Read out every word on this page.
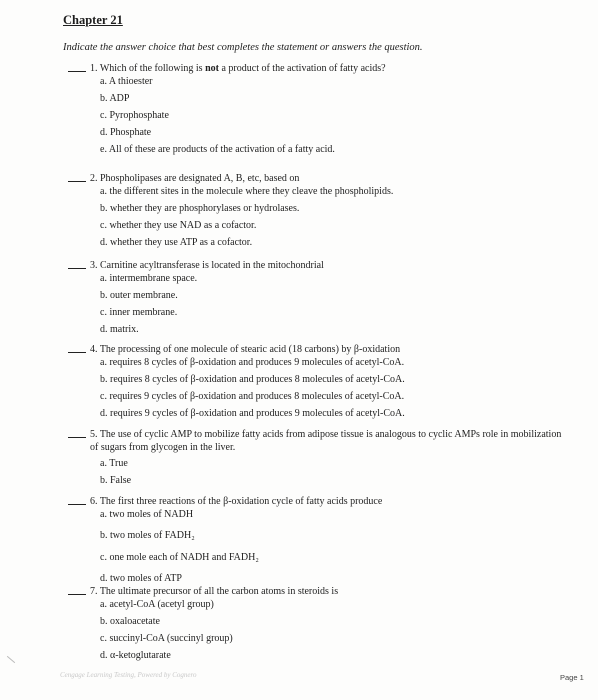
Chapter 21
Indicate the answer choice that best completes the statement or answers the question.
1. Which of the following is not a product of the activation of fatty acids?
a. A thioester
b. ADP
c. Pyrophosphate
d. Phosphate
e. All of these are products of the activation of a fatty acid.
2. Phospholipases are designated A, B, etc, based on
a. the different sites in the molecule where they cleave the phospholipids.
b. whether they are phosphorylases or hydrolases.
c. whether they use NAD as a cofactor.
d. whether they use ATP as a cofactor.
3. Carnitine acyltransferase is located in the mitochondrial
a. intermembrane space.
b. outer membrane.
c. inner membrane.
d. matrix.
4. The processing of one molecule of stearic acid (18 carbons) by β-oxidation
a. requires 8 cycles of β-oxidation and produces 9 molecules of acetyl-CoA.
b. requires 8 cycles of β-oxidation and produces 8 molecules of acetyl-CoA.
c. requires 9 cycles of β-oxidation and produces 8 molecules of acetyl-CoA.
d. requires 9 cycles of β-oxidation and produces 9 molecules of acetyl-CoA.
5. The use of cyclic AMP to mobilize fatty acids from adipose tissue is analogous to cyclic AMPs role in mobilization of sugars from glycogen in the liver.
a. True
b. False
6. The first three reactions of the β-oxidation cycle of fatty acids produce
a. two moles of NADH
b. two moles of FADH₂
c. one mole each of NADH and FADH₂
d. two moles of ATP
7. The ultimate precursor of all the carbon atoms in steroids is
a. acetyl-CoA (acetyl group)
b. oxaloacetate
c. succinyl-CoA (succinyl group)
d. α-ketoglutarate
Cengage Learning Testing, Powered by Cognero	Page 1
